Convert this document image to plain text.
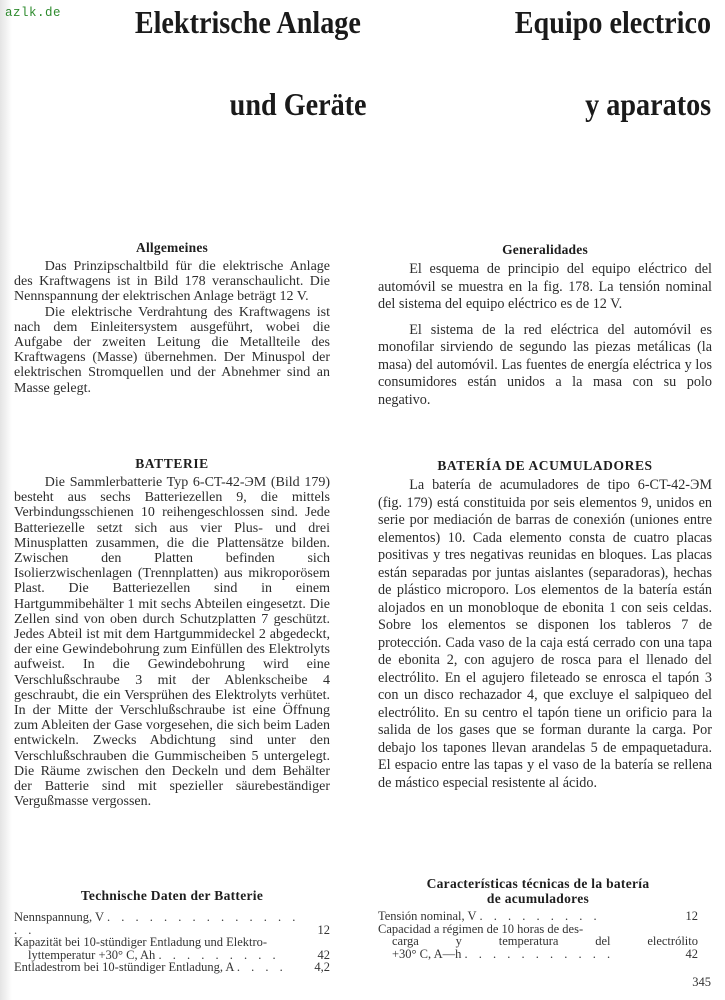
azlk.de Elektrische Anlage
und Geräte
Equipo electrico
y aparatos
Allgemeines

Das Prinzipschaltbild für die elektrische Anlage des Kraftwagens ist in Bild 178 veranschaulicht. Die Nennspannung der elektrischen Anlage beträgt 12 V.

Die elektrische Verdrahtung des Kraftwagens ist nach dem Einleitersystem ausgeführt, wobei die Aufgabe der zweiten Leitung die Metallteile des Kraftwagens (Masse) übernehmen. Der Minuspol der elektrischen Stromquellen und der Abnehmer sind an Masse gelegt.

BATTERIE

Die Sammlerbatterie Typ 6-CT-42-ЭМ (Bild 179) besteht aus sechs Batteriezellen 9, die mittels Verbindungsschienen 10 reihengeschlossen sind. Jede Batteriezelle setzt sich aus vier Plus- und drei Minusplatten zusammen, die die Plattensätze bilden. Zwischen den Platten befinden sich Isolierzwischenlagen (Trennplatten) aus mikroporösem Plast. Die Batteriezellen sind in einem Hartgummibehälter 1 mit sechs Abteilen eingesetzt. Die Zellen sind von oben durch Schutzplatten 7 geschützt. Jedes Abteil ist mit dem Hartgummideckel 2 abgedeckt, der eine Gewindebohrung zum Einfüllen des Elektrolyts aufweist. In die Gewindebohrung wird eine Verschlußschraube 3 mit der Ablenkscheibe 4 geschraubt, die ein Versprühen des Elektrolyts verhütet. In der Mitte der Verschlußschraube ist eine Öffnung zum Ableiten der Gase vorgesehen, die sich beim Laden entwickeln. Zwecks Abdichtung sind unter den Verschlußschrauben die Gummischeiben 5 untergelegt. Die Räume zwischen den Deckeln und dem Behälter der Batterie sind mit spezieller säurebeständiger Vergußmasse vergossen.

Technische Daten der Batterie
Nennspannung, V . . . . . . . . . . . . . . . .	12
Kapazität bei 10-stündiger Entladung und Elektro-
lyttemperatur +30° C, Ah . . . . . . . . .	42
Entladestrom bei 10-stündiger Entladung, A . . . .	4,2
Generalidades

El esquema de principio del equipo eléctrico del automóvil se muestra en la fig. 178. La tensión nominal del sistema del equipo eléctrico es de 12 V.

El sistema de la red eléctrica del automóvil es monofilar sirviendo de segundo las piezas metálicas (la masa) del automóvil. Las fuentes de energía eléctrica y los consumidores están unidos a la masa con su polo negativo.

BATERÍA DE ACUMULADORES

La batería de acumuladores de tipo 6-CT-42-ЭМ (fig. 179) está constituida por seis elementos 9, unidos en serie por mediación de barras de conexión (uniones entre elementos) 10. Cada elemento consta de cuatro placas positivas y tres negativas reunidas en bloques. Las placas están separadas por juntas aislantes (separadoras), hechas de plástico microporo. Los elementos de la batería están alojados en un monobloque de ebonita 1 con seis celdas. Sobre los elementos se disponen los tableros 7 de protección. Cada vaso de la caja está cerrado con una tapa de ebonita 2, con agujero de rosca para el llenado del electrólito. En el agujero fileteado se enrosca el tapón 3 con un disco rechazador 4, que excluye el salpiqueo del electrólito. En su centro el tapón tiene un orificio para la salida de los gases que se forman durante la carga. Por debajo los tapones llevan arandelas 5 de empaquetadura. El espacio entre las tapas y el vaso de la batería se rellena de mástico especial resistente al ácido.

Características técnicas de la batería
de acumuladores
Tensión nominal, V . . . . . . . . .	12
Capacidad a régimen de 10 horas de des-
carga y temperatura del electrólito
+30° C, A—h . . . . . . . . . . .	42
345
